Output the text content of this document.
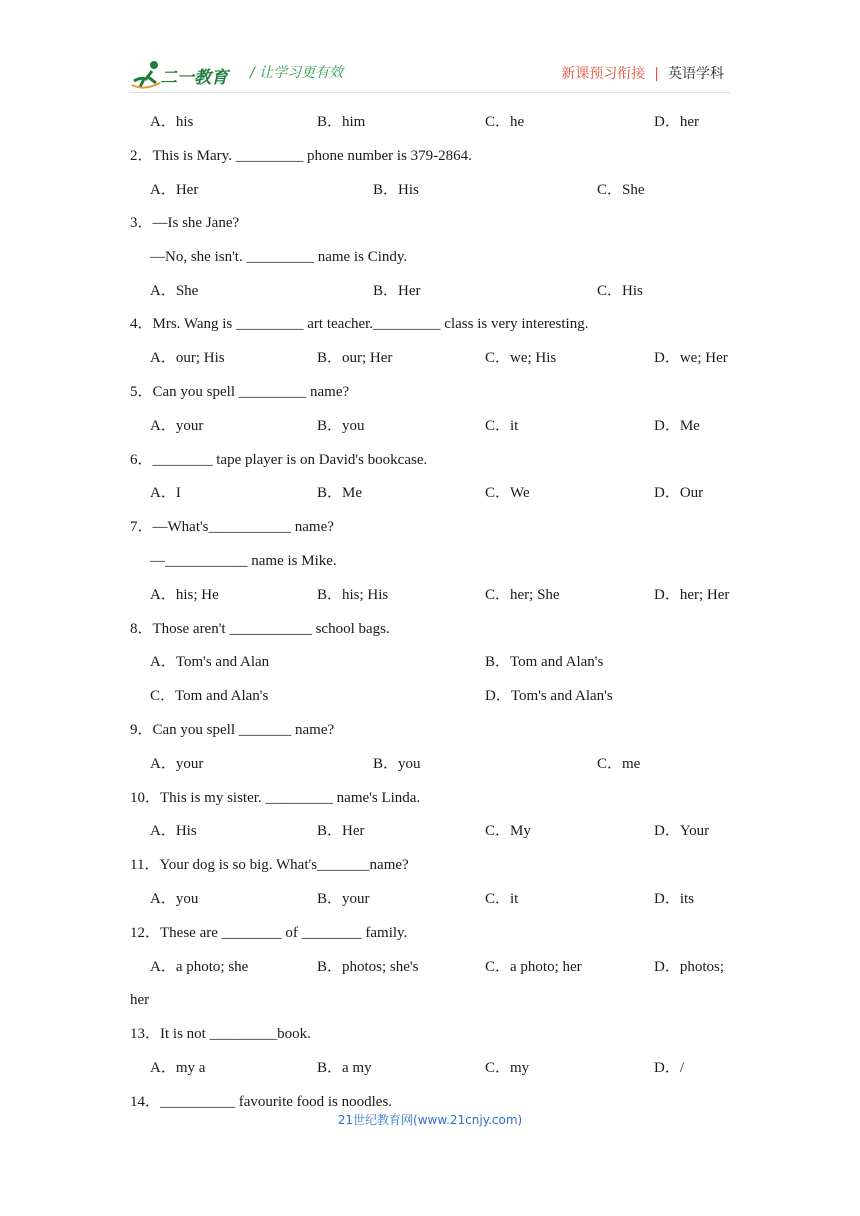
二一教育 / 让学习更有效	新课预习衔接 | 英语学科
A．his	B．him	C．he	D．her
2．This is Mary. _________ phone number is 379-2864.
A．Her	B．His	C．She
3．—Is she Jane?
—No, she isn't. _________ name is Cindy.
A．She	B．Her	C．His
4．Mrs. Wang is _________ art teacher._________ class is very interesting.
A．our; His	B．our; Her	C．we; His	D．we; Her
5．Can you spell _________ name?
A．your	B．you	C．it	D．Me
6．________ tape player is on David's bookcase.
A．I	B．Me	C．We	D．Our
7．—What's___________ name?
—___________ name is Mike.
A．his; He	B．his; His	C．her; She	D．her; Her
8．Those aren't ___________ school bags.
A．Tom's and Alan	B．Tom and Alan's
C．Tom and Alan's	D．Tom's and Alan's
9．Can you spell _______ name?
A．your	B．you	C．me
10．This is my sister. _________ name's Linda.
A．His	B．Her	C．My	D．Your
11．Your dog is so big. What's_______name?
A．you	B．your	C．it	D．its
12．These are ________ of ________ family.
A．a photo; she	B．photos; she's	C．a photo; her	D．photos;
her
13．It is not _________book.
A．my a	B．a my	C．my	D．/
14．__________ favourite food is noodles.
21世纪教育网(www.21cnjy.com)
